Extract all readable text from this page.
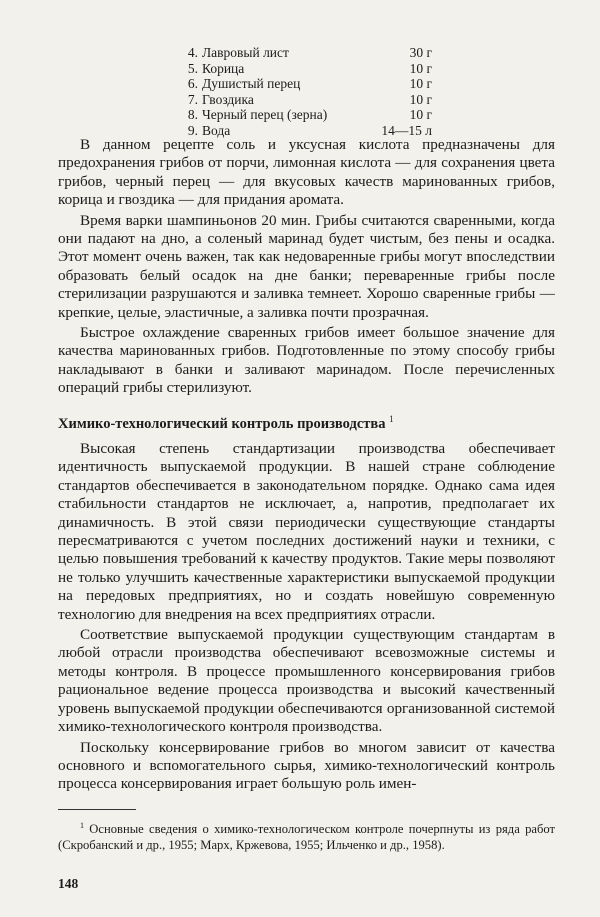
4. Лавровый лист	30 г
5. Корица	10 г
6. Душистый перец	10 г
7. Гвоздика	10 г
8. Черный перец (зерна)	10 г
9. Вода	14—15 л

В данном рецепте соль и уксусная кислота предназначены для предохранения грибов от порчи, лимонная кислота — для сохранения цвета грибов, черный перец — для вкусовых качеств маринованных грибов, корица и гвоздика — для придания аромата.

Время варки шампиньонов 20 мин. Грибы считаются сваренными, когда они падают на дно, а соленый маринад будет чистым, без пены и осадка. Этот момент очень важен, так как недоваренные грибы могут впоследствии образовать белый осадок на дне банки; переваренные грибы после стерилизации разрушаются и заливка темнеет. Хорошо сваренные грибы — крепкие, целые, эластичные, а заливка почти прозрачная.

Быстрое охлаждение сваренных грибов имеет большое значение для качества маринованных грибов. Подготовленные по этому способу грибы накладывают в банки и заливают маринадом. После перечисленных операций грибы стерилизуют.

Химико-технологический контроль производства $^1$

Высокая степень стандартизации производства обеспечивает идентичность выпускаемой продукции. В нашей стране соблюдение стандартов обеспечивается в законодательном порядке. Однако сама идея стабильности стандартов не исключает, а, напротив, предполагает их динамичность. В этой связи периодически существующие стандарты пересматриваются с учетом последних достижений науки и техники, с целью повышения требований к качеству продуктов. Такие меры позволяют не только улучшить качественные характеристики выпускаемой продукции на передовых предприятиях, но и создать новейшую современную технологию для внедрения на всех предприятиях отрасли.

Соответствие выпускаемой продукции существующим стандартам в любой отрасли производства обеспечивают всевозможные системы и методы контроля. В процессе промышленного консервирования грибов рациональное ведение процесса производства и высокий качественный уровень выпускаемой продукции обеспечиваются организованной системой химико-технологического контроля производства.

Поскольку консервирование грибов во многом зависит от качества основного и вспомогательного сырья, химико-технологический контроль процесса консервирования играет большую роль имен-

$^1$ Основные сведения о химико-технологическом контроле почерпнуты из ряда работ (Скробанский и др., 1955; Марх, Кржевова, 1955; Ильченко и др., 1958).
148
